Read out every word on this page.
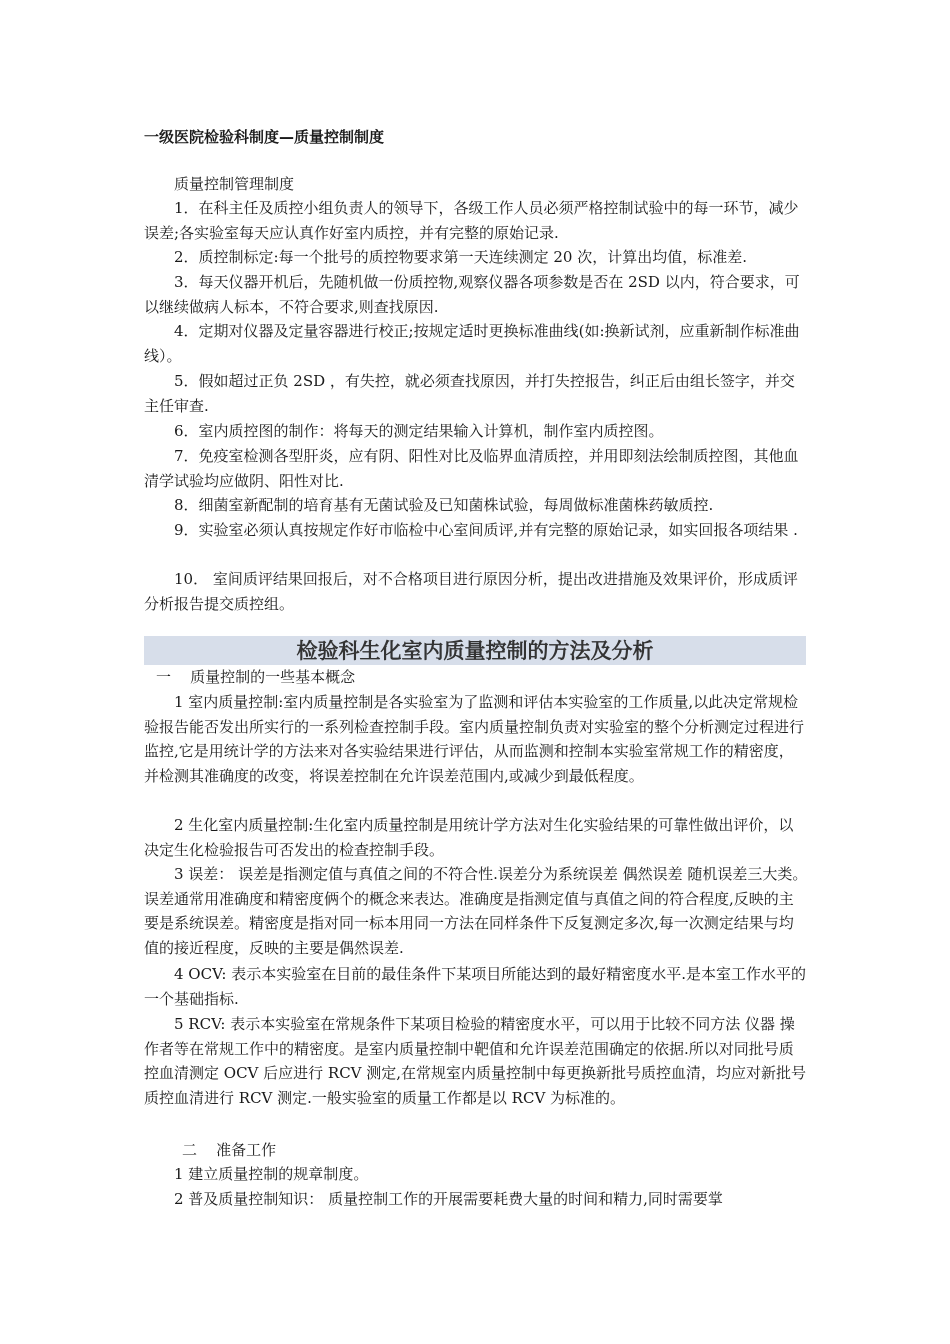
一级医院检验科制度—质量控制制度
质量控制管理制度

1．在科主任及质控小组负责人的领导下，各级工作人员必须严格控制试验中的每一环节，减少误差;各实验室每天应认真作好室内质控，并有完整的原始记录.

2．质控制标定:每一个批号的质控物要求第一天连续测定 20 次，计算出均值，标准差.

3．每天仪器开机后，先随机做一份质控物,观察仪器各项参数是否在 2SD 以内，符合要求，可以继续做病人标本，不符合要求,则查找原因.

4．定期对仪器及定量容器进行校正;按规定适时更换标准曲线(如:换新试剂，应重新制作标准曲线）。

5．假如超过正负 2SD ，有失控，就必须查找原因，并打失控报告，纠正后由组长签字，并交主任审查.

6．室内质控图的制作：将每天的测定结果输入计算机，制作室内质控图。

7．免疫室检测各型肝炎，应有阴、阳性对比及临界血清质控，并用即刻法绘制质控图，其他血清学试验均应做阴、阳性对比.

8．细菌室新配制的培育基有无菌试验及已知菌株试验，每周做标准菌株药敏质控.

9．实验室必须认真按规定作好市临检中心室间质评,并有完整的原始记录，如实回报各项结果 .

10． 室间质评结果回报后，对不合格项目进行原因分析，提出改进措施及效果评价，形成质评分析报告提交质控组。

检验科生化室内质量控制的方法及分析
一    质量控制的一些基本概念

1 室内质量控制:室内质量控制是各实验室为了监测和评估本实验室的工作质量,以此决定常规检验报告能否发出所实行的一系列检查控制手段。室内质量控制负责对实验室的整个分析测定过程进行监控,它是用统计学的方法来对各实验结果进行评估，从而监测和控制本实验室常规工作的精密度，并检测其准确度的改变，将误差控制在允许误差范围内,或减少到最低程度。

2 生化室内质量控制:生化室内质量控制是用统计学方法对生化实验结果的可靠性做出评价，以决定生化检验报告可否发出的检查控制手段。

3 误差： 误差是指测定值与真值之间的不符合性.误差分为系统误差 偶然误差 随机误差三大类。误差通常用准确度和精密度俩个的概念来表达。准确度是指测定值与真值之间的符合程度,反映的主要是系统误差。精密度是指对同一标本用同一方法在同样条件下反复测定多次,每一次测定结果与均值的接近程度，反映的主要是偶然误差.

4 OCV: 表示本实验室在目前的最佳条件下某项目所能达到的最好精密度水平.是本室工作水平的一个基础指标.

5 RCV: 表示本实验室在常规条件下某项目检验的精密度水平，可以用于比较不同方法 仪器 操作者等在常规工作中的精密度。是室内质量控制中靶值和允许误差范围确定的依据.所以对同批号质控血清测定 OCV 后应进行 RCV 测定,在常规室内质量控制中每更换新批号质控血清，均应对新批号质控血清进行 RCV 测定.一般实验室的质量工作都是以 RCV 为标准的。

二    准备工作

1 建立质量控制的规章制度。

2 普及质量控制知识： 质量控制工作的开展需要耗费大量的时间和精力,同时需要掌
